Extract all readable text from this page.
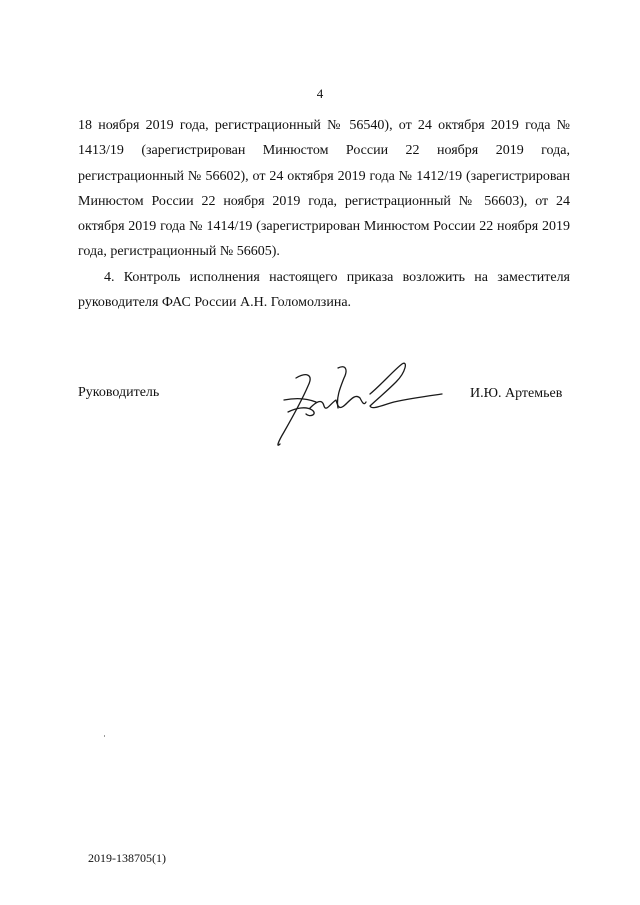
4

18 ноября 2019 года, регистрационный № 56540), от 24 октября 2019 года № 1413/19 (зарегистрирован Минюстом России 22 ноября 2019 года, регистрационный № 56602), от 24 октября 2019 года № 1412/19 (зарегистрирован Минюстом России 22 ноября 2019 года, регистрационный № 56603), от 24 октября 2019 года № 1414/19 (зарегистрирован Минюстом России 22 ноября 2019 года, регистрационный № 56605).

4. Контроль исполнения настоящего приказа возложить на заместителя руководителя ФАС России А.Н. Голомолзина.

Руководитель	И.Ю. Артемьев
2019-138705(1)
